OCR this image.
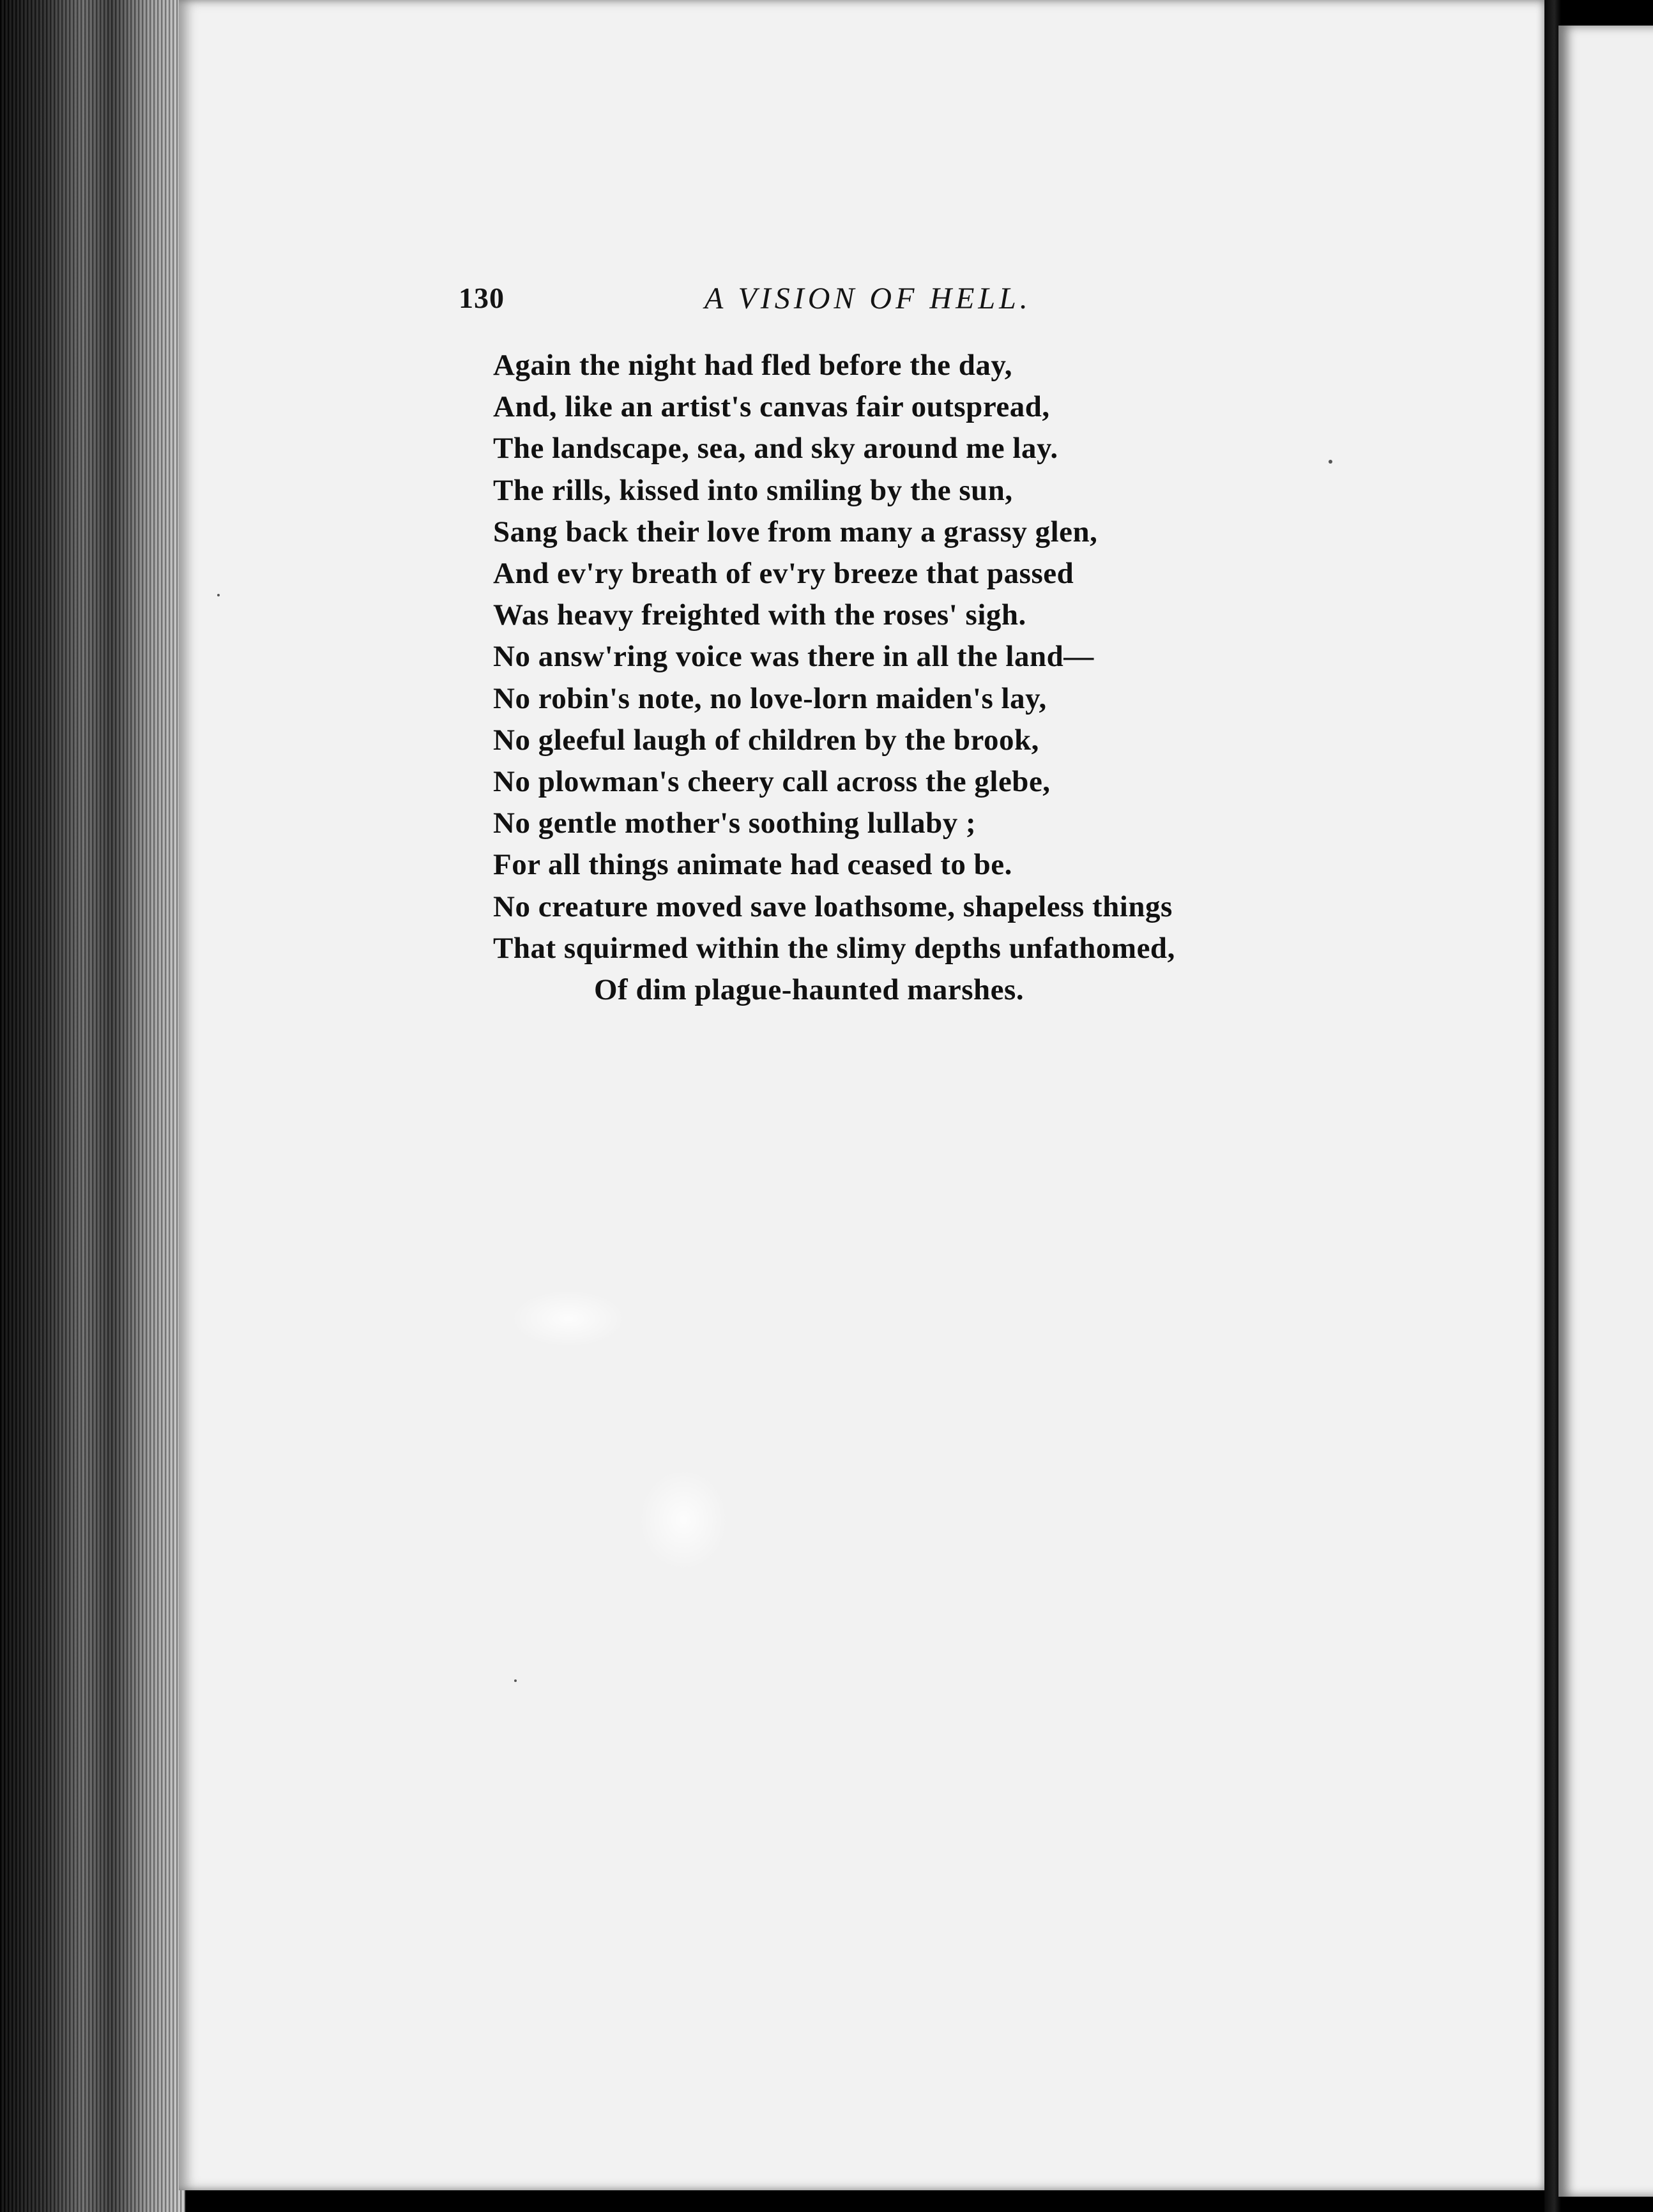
130	A VISION OF HELL.
Again the night had fled before the day,
And, like an artist's canvas fair outspread,
The landscape, sea, and sky around me lay.
The rills, kissed into smiling by the sun,
Sang back their love from many a grassy glen,
And ev'ry breath of ev'ry breeze that passed
Was heavy freighted with the roses' sigh.
No answ'ring voice was there in all the land—
No robin's note, no love-lorn maiden's lay,
No gleeful laugh of children by the brook,
No plowman's cheery call across the glebe,
No gentle mother's soothing lullaby ;
For all things animate had ceased to be.
No creature moved save loathsome, shapeless things
That squirmed within the slimy depths unfathomed,
Of dim plague-haunted marshes.
